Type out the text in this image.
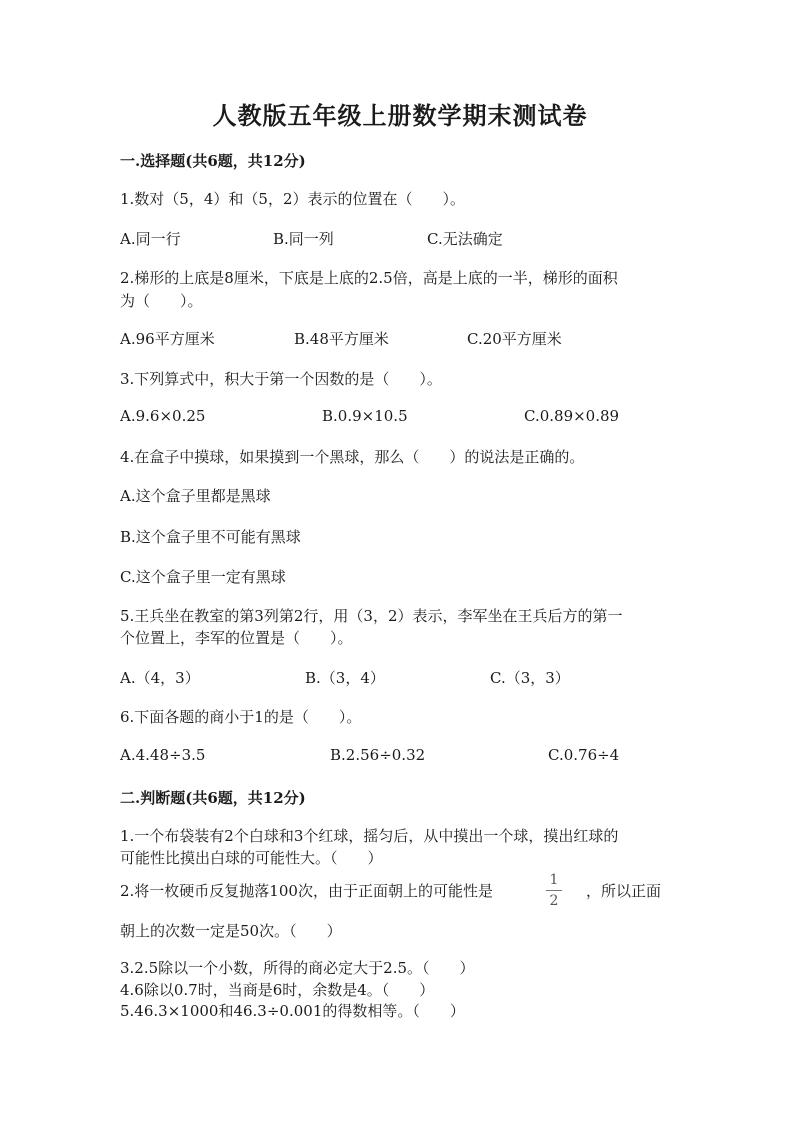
人教版五年级上册数学期末测试卷
一.选择题(共6题，共12分)
1.数对（5，4）和（5，2）表示的位置在（　　）。
A.同一行	B.同一列	C.无法确定
2.梯形的上底是8厘米，下底是上底的2.5倍，高是上底的一半，梯形的面积
为（　　）。
A.96平方厘米	B.48平方厘米	C.20平方厘米
3.下列算式中，积大于第一个因数的是（　　）。
A.9.6×0.25	B.0.9×10.5	C.0.89×0.89
4.在盒子中摸球，如果摸到一个黑球，那么（　　）的说法是正确的。
A.这个盒子里都是黑球
B.这个盒子里不可能有黑球
C.这个盒子里一定有黑球
5.王兵坐在教室的第3列第2行，用（3，2）表示，李军坐在王兵后方的第一
个位置上，李军的位置是（　　）。
A.（4，3）	B.（3，4）	C.（3，3）
6.下面各题的商小于1的是（　　）。
A.4.48÷3.5	B.2.56÷0.32	C.0.76÷4
二.判断题(共6题，共12分)
1.一个布袋装有2个白球和3个红球，摇匀后，从中摸出一个球，摸出红球的
可能性比摸出白球的可能性大。（　　）
2.将一枚硬币反复抛落100次，由于正面朝上的可能性是
1
2
，所以正面
朝上的次数一定是50次。（　　）
3.2.5除以一个小数，所得的商必定大于2.5。（　　）
4.6除以0.7时，当商是6时，余数是4。（　　）
5.46.3×1000和46.3÷0.001的得数相等。（　　）
